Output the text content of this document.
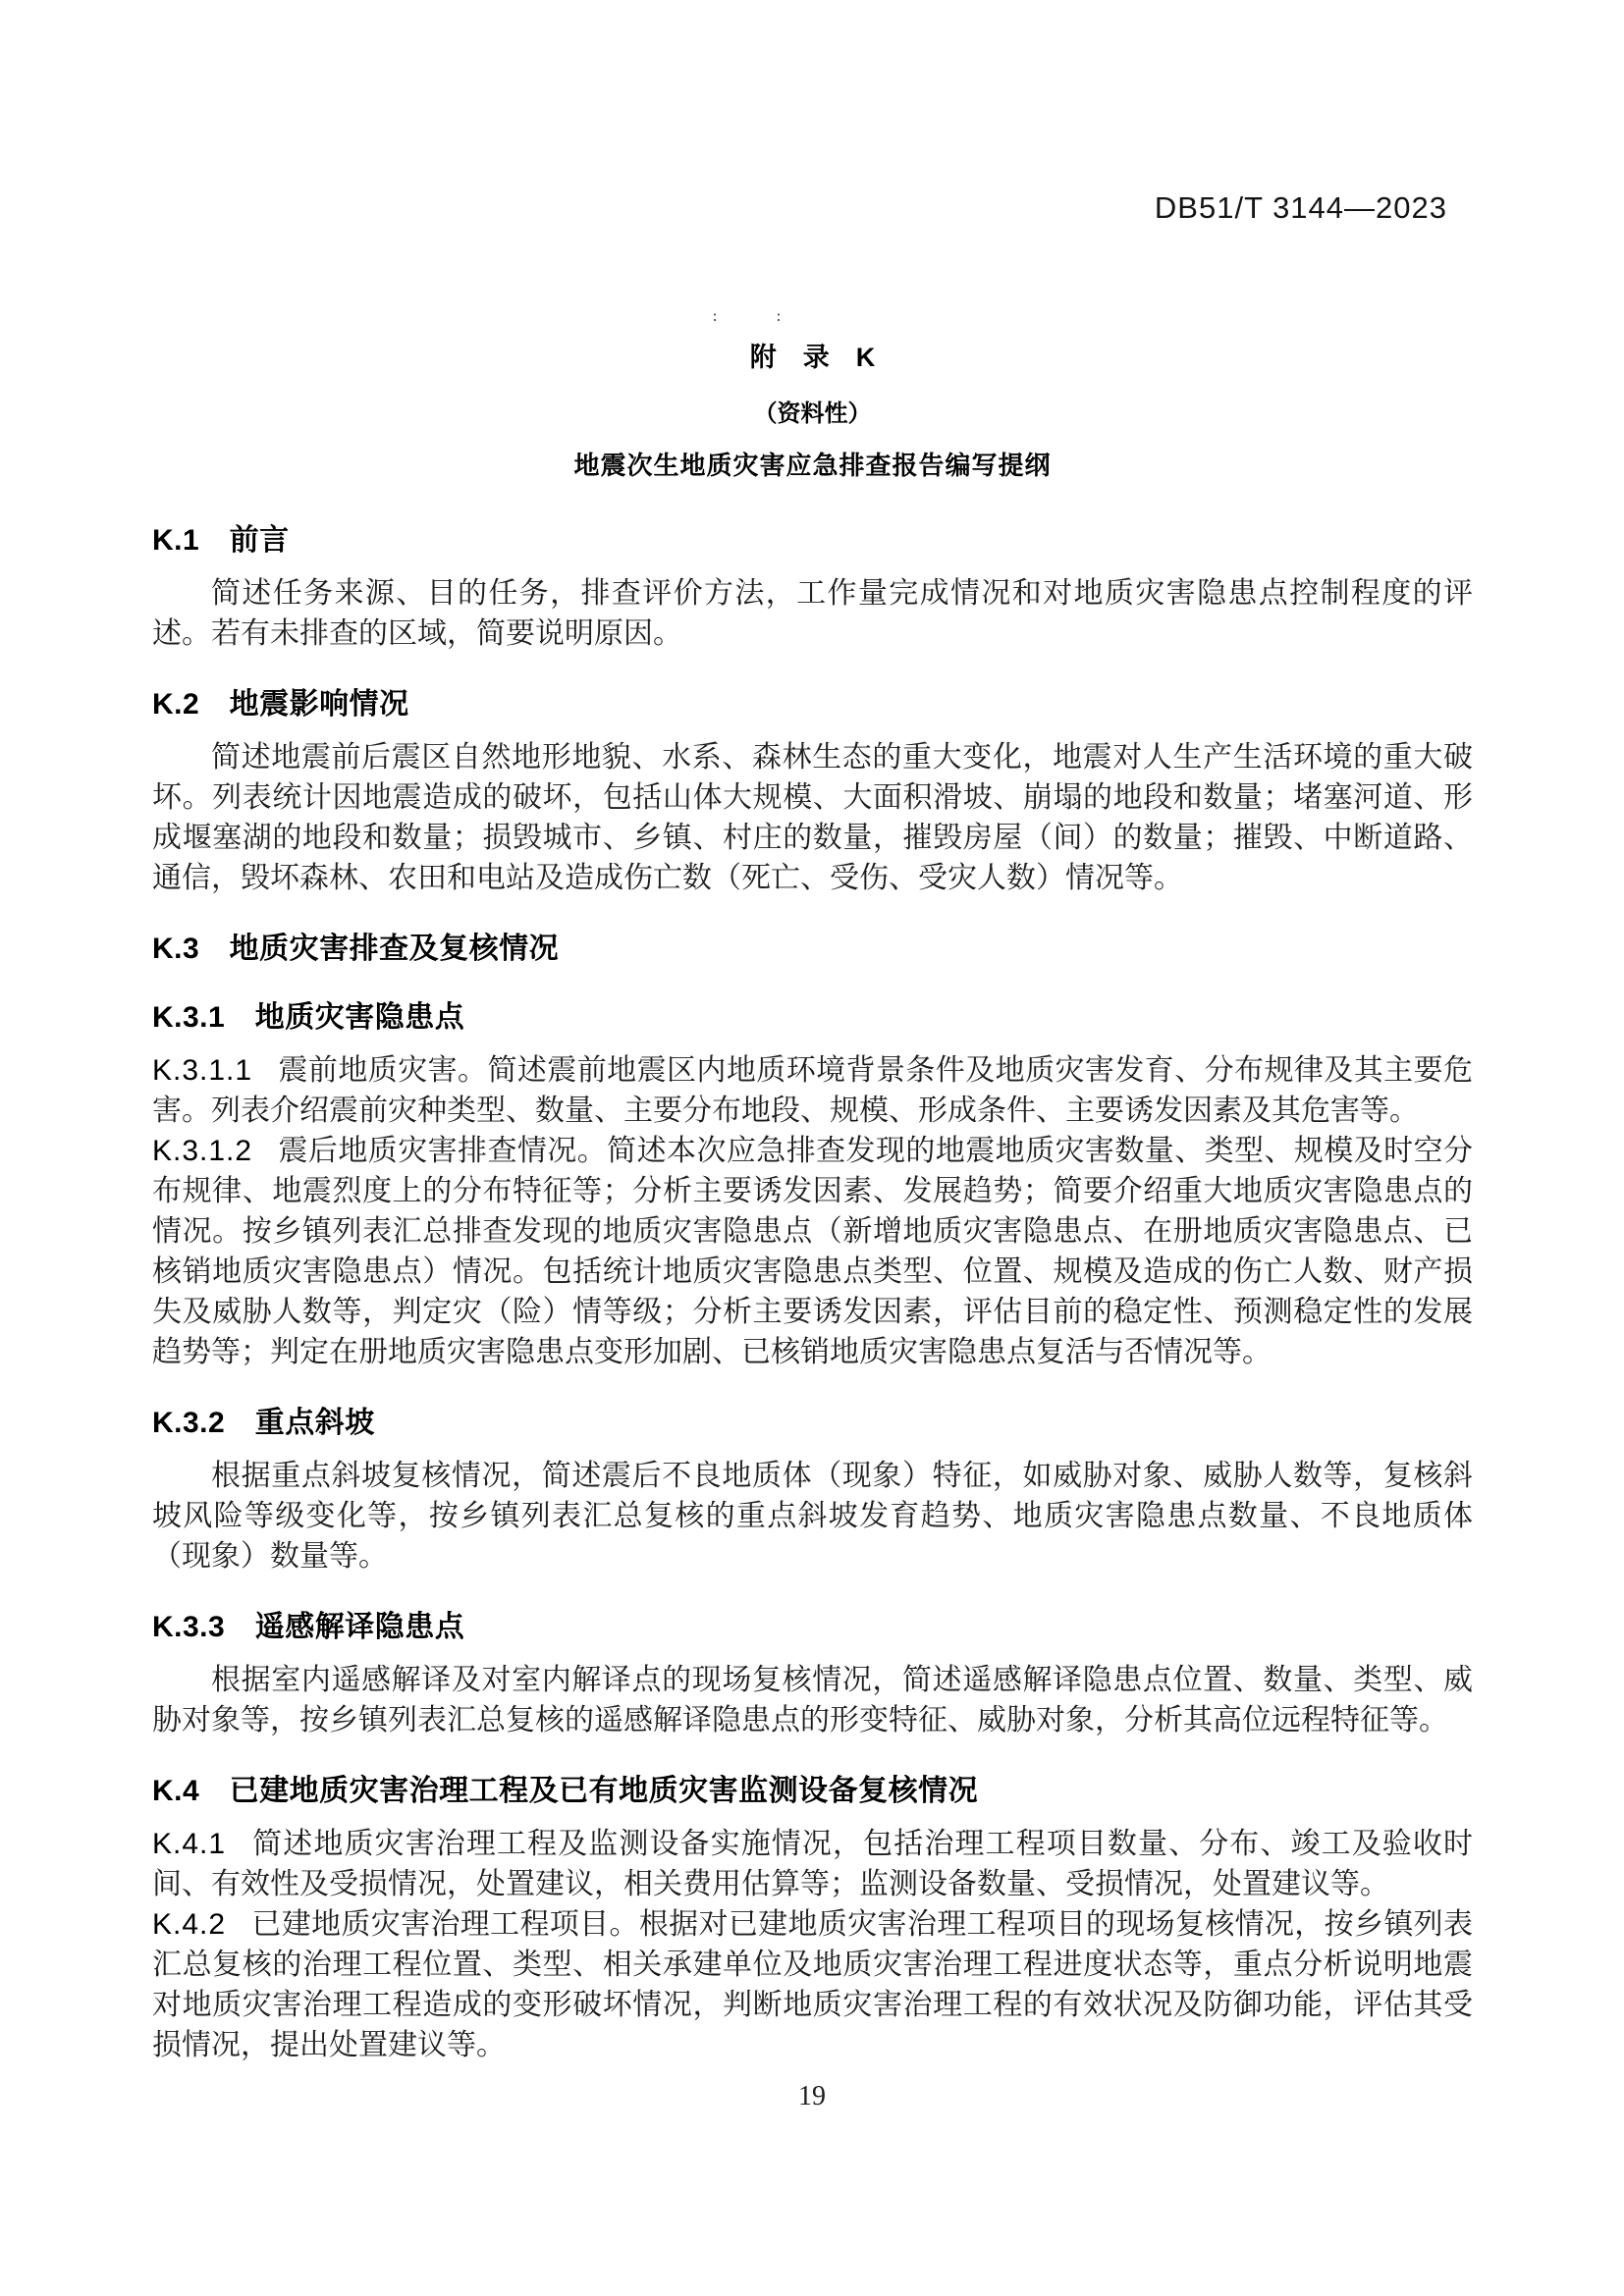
DB51/T 3144—2023
: :
附　录　K
（资料性）
地震次生地质灾害应急排查报告编写提纲
K.1　前言

简述任务来源、目的任务，排查评价方法，工作量完成情况和对地质灾害隐患点控制程度的评述。若有未排查的区域，简要说明原因。

K.2　地震影响情况

简述地震前后震区自然地形地貌、水系、森林生态的重大变化，地震对人生产生活环境的重大破坏。列表统计因地震造成的破坏，包括山体大规模、大面积滑坡、崩塌的地段和数量；堵塞河道、形成堰塞湖的地段和数量；损毁城市、乡镇、村庄的数量，摧毁房屋（间）的数量；摧毁、中断道路、通信，毁坏森林、农田和电站及造成伤亡数（死亡、受伤、受灾人数）情况等。

K.3　地质灾害排查及复核情况
K.3.1　地质灾害隐患点

K.3.1.1 震前地质灾害。简述震前地震区内地质环境背景条件及地质灾害发育、分布规律及其主要危害。列表介绍震前灾种类型、数量、主要分布地段、规模、形成条件、主要诱发因素及其危害等。

K.3.1.2 震后地质灾害排查情况。简述本次应急排查发现的地震地质灾害数量、类型、规模及时空分布规律、地震烈度上的分布特征等；分析主要诱发因素、发展趋势；简要介绍重大地质灾害隐患点的情况。按乡镇列表汇总排查发现的地质灾害隐患点（新增地质灾害隐患点、在册地质灾害隐患点、已核销地质灾害隐患点）情况。包括统计地质灾害隐患点类型、位置、规模及造成的伤亡人数、财产损失及威胁人数等，判定灾（险）情等级；分析主要诱发因素，评估目前的稳定性、预测稳定性的发展趋势等；判定在册地质灾害隐患点变形加剧、已核销地质灾害隐患点复活与否情况等。

K.3.2　重点斜坡

根据重点斜坡复核情况，简述震后不良地质体（现象）特征，如威胁对象、威胁人数等，复核斜坡风险等级变化等，按乡镇列表汇总复核的重点斜坡发育趋势、地质灾害隐患点数量、不良地质体（现象）数量等。

K.3.3　遥感解译隐患点

根据室内遥感解译及对室内解译点的现场复核情况，简述遥感解译隐患点位置、数量、类型、威胁对象等，按乡镇列表汇总复核的遥感解译隐患点的形变特征、威胁对象，分析其高位远程特征等。

K.4　已建地质灾害治理工程及已有地质灾害监测设备复核情况

K.4.1 简述地质灾害治理工程及监测设备实施情况，包括治理工程项目数量、分布、竣工及验收时间、有效性及受损情况，处置建议，相关费用估算等；监测设备数量、受损情况，处置建议等。

K.4.2 已建地质灾害治理工程项目。根据对已建地质灾害治理工程项目的现场复核情况，按乡镇列表汇总复核的治理工程位置、类型、相关承建单位及地质灾害治理工程进度状态等，重点分析说明地震对地质灾害治理工程造成的变形破坏情况，判断地质灾害治理工程的有效状况及防御功能，评估其受损情况，提出处置建议等。

19
